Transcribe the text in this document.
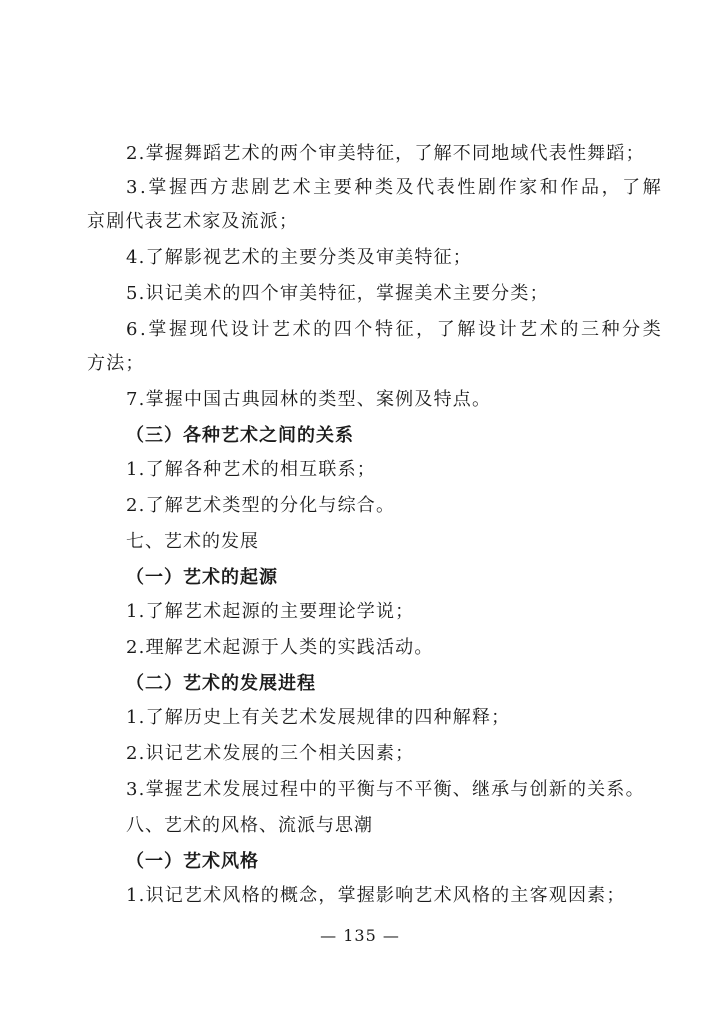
2.掌握舞蹈艺术的两个审美特征，了解不同地域代表性舞蹈；
3.掌握西方悲剧艺术主要种类及代表性剧作家和作品，了解
京剧代表艺术家及流派；
4.了解影视艺术的主要分类及审美特征；
5.识记美术的四个审美特征，掌握美术主要分类；
6.掌握现代设计艺术的四个特征，了解设计艺术的三种分类
方法；
7.掌握中国古典园林的类型、案例及特点。
（三）各种艺术之间的关系
1.了解各种艺术的相互联系；
2.了解艺术类型的分化与综合。
七、艺术的发展
（一）艺术的起源
1.了解艺术起源的主要理论学说；
2.理解艺术起源于人类的实践活动。
（二）艺术的发展进程
1.了解历史上有关艺术发展规律的四种解释；
2.识记艺术发展的三个相关因素；
3.掌握艺术发展过程中的平衡与不平衡、继承与创新的关系。
八、艺术的风格、流派与思潮
（一）艺术风格
1.识记艺术风格的概念，掌握影响艺术风格的主客观因素；
— 135 —
